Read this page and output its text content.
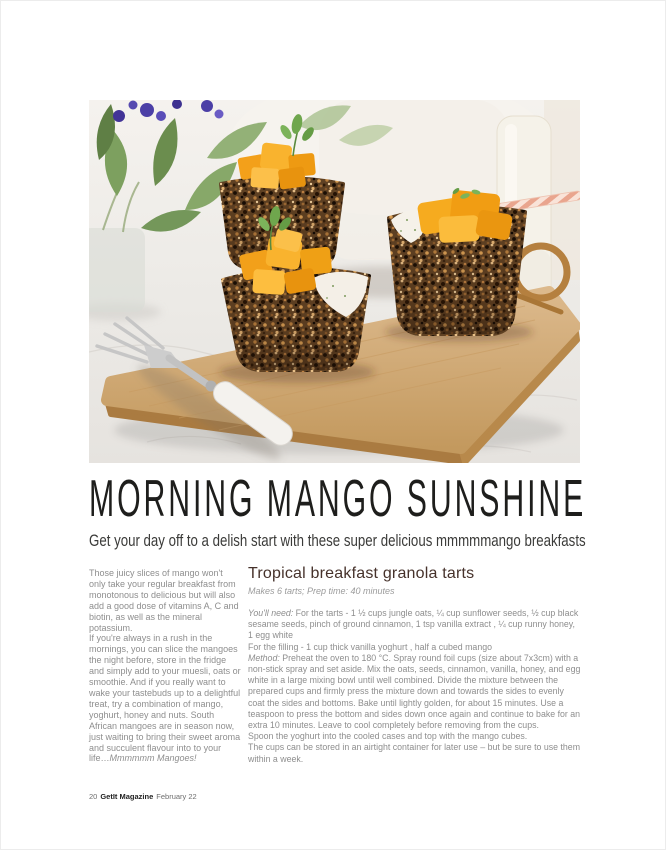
MORNING MANGO SUNSHINE

Get your day off to a delish start with these super delicious mmmmmango breakfasts

Those juicy slices of mango won't only take your regular breakfast from monotonous to delicious but will also add a good dose of vitamins A, C and biotin, as well as the mineral potassium.

If you're always in a rush in the mornings, you can slice the mangoes the night before, store in the fridge and simply add to your muesli, oats or smoothie. And if you really want to wake your tastebuds up to a delightful treat, try a combination of mango, yoghurt, honey and nuts. South African mangoes are in season now, just waiting to bring their sweet aroma and succulent flavour into to your life…Mmmmmm Mangoes!

Tropical breakfast granola tarts

Makes 6 tarts; Prep time: 40 minutes

You'll need: For the tarts - 1 ½ cups jungle oats, ¼ cup sunflower seeds, ½ cup black sesame seeds, pinch of ground cinnamon, 1 tsp vanilla extract , ¼ cup runny honey, 1 egg white

For the filling - 1 cup thick vanilla yoghurt , half a cubed mango

Method: Preheat the oven to 180 °C. Spray round foil cups (size about 7x3cm) with a non-stick spray and set aside. Mix the oats, seeds, cinnamon, vanilla, honey, and egg white in a large mixing bowl until well combined. Divide the mixture between the prepared cups and firmly press the mixture down and towards the sides to evenly coat the sides and bottoms. Bake until lightly golden, for about 15 minutes. Use a teaspoon to press the bottom and sides down once again and continue to bake for an extra 10 minutes. Leave to cool completely before removing from the cups.

Spoon the yoghurt into the cooled cases and top with the mango cubes.

The cups can be stored in an airtight container for later use – but be sure to use them within a week.

20 GetIt Magazine February 22
